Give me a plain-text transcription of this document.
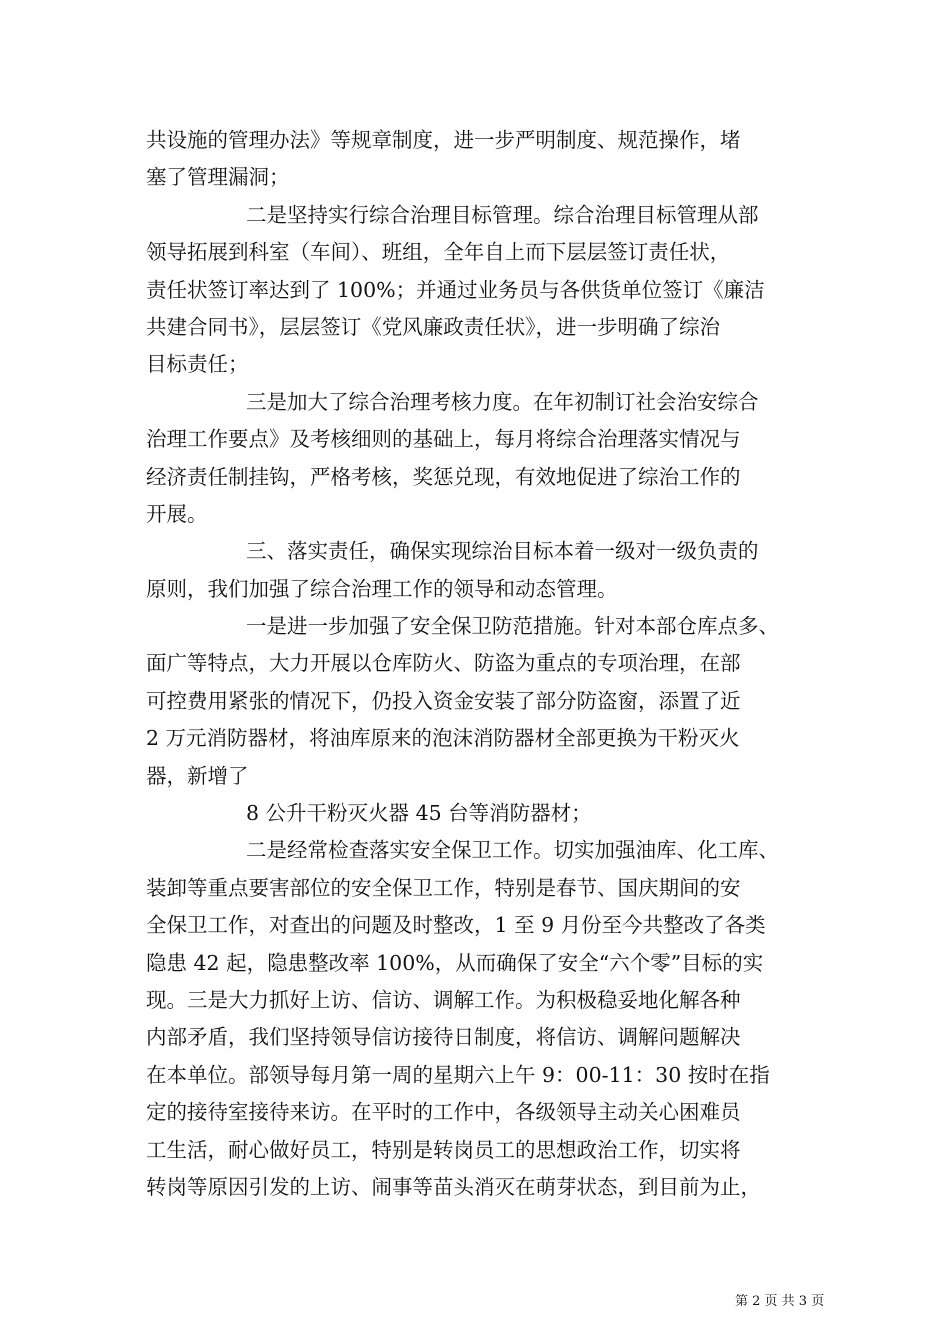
共设施的管理办法》等规章制度，进一步严明制度、规范操作，堵
塞了管理漏洞；
二是坚持实行综合治理目标管理。综合治理目标管理从部
领导拓展到科室（车间）、班组，全年自上而下层层签订责任状，
责任状签订率达到了 100%；并通过业务员与各供货单位签订《廉洁
共建合同书》，层层签订《党风廉政责任状》，进一步明确了综治
目标责任；
三是加大了综合治理考核力度。在年初制订社会治安综合
治理工作要点》及考核细则的基础上，每月将综合治理落实情况与
经济责任制挂钩，严格考核，奖惩兑现，有效地促进了综治工作的
开展。
三、落实责任，确保实现综治目标本着一级对一级负责的
原则，我们加强了综合治理工作的领导和动态管理。
一是进一步加强了安全保卫防范措施。针对本部仓库点多、
面广等特点，大力开展以仓库防火、防盗为重点的专项治理，在部
可控费用紧张的情况下，仍投入资金安装了部分防盗窗，添置了近
2 万元消防器材，将油库原来的泡沫消防器材全部更换为干粉灭火
器，新增了
8 公升干粉灭火器 45 台等消防器材；
二是经常检查落实安全保卫工作。切实加强油库、化工库、
装卸等重点要害部位的安全保卫工作，特别是春节、国庆期间的安
全保卫工作，对查出的问题及时整改，1 至 9 月份至今共整改了各类
隐患 42 起，隐患整改率 100%，从而确保了安全“六个零”目标的实
现。三是大力抓好上访、信访、调解工作。为积极稳妥地化解各种
内部矛盾，我们坚持领导信访接待日制度，将信访、调解问题解决
在本单位。部领导每月第一周的星期六上午 9：00-11：30 按时在指
定的接待室接待来访。在平时的工作中，各级领导主动关心困难员
工生活，耐心做好员工，特别是转岗员工的思想政治工作，切实将
转岗等原因引发的上访、闹事等苗头消灭在萌芽状态，到目前为止，
第 2 页 共 3 页
